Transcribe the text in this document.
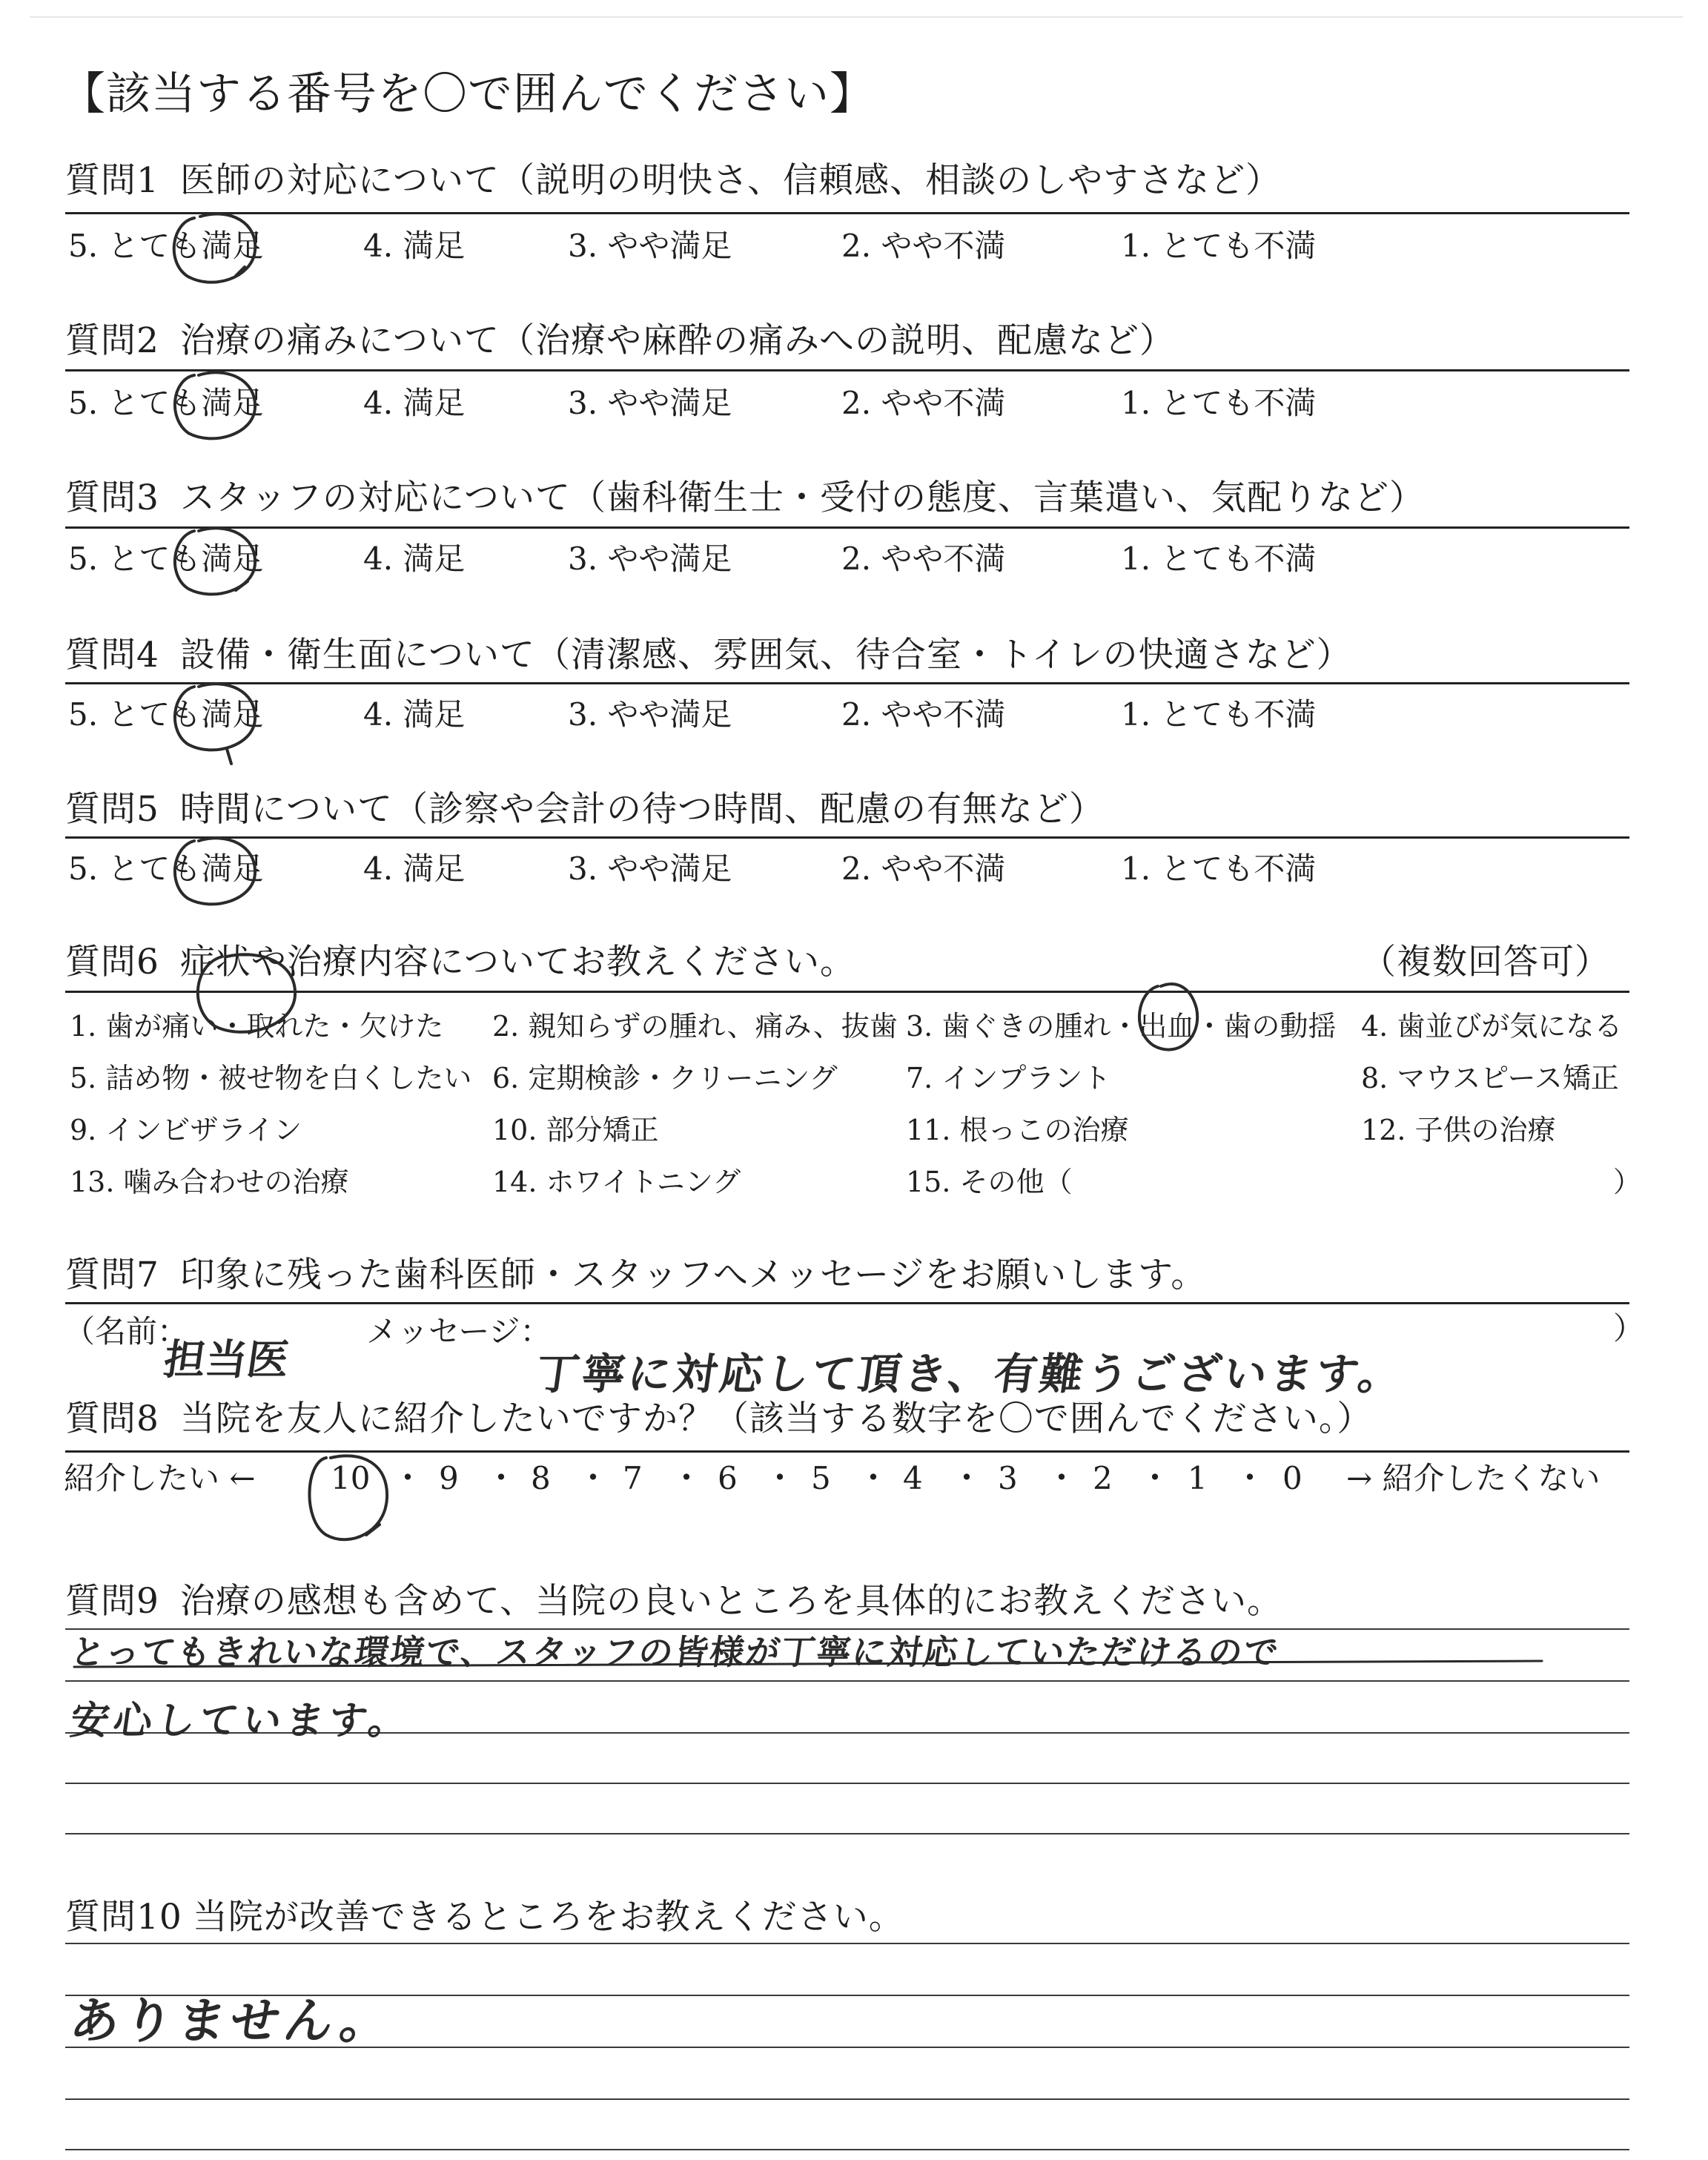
【該当する番号を〇で囲んでください】
質問1 医師の対応について（説明の明快さ、信頼感、相談のしやすさなど）
5. とても満足	4. 満足	3. やや満足	2. やや不満	1. とても不満
質問2 治療の痛みについて（治療や麻酔の痛みへの説明、配慮など）
5. とても満足	4. 満足	3. やや満足	2. やや不満	1. とても不満
質問3 スタッフの対応について（歯科衛生士・受付の態度、言葉遣い、気配りなど）
5. とても満足	4. 満足	3. やや満足	2. やや不満	1. とても不満
質問4 設備・衛生面について（清潔感、雰囲気、待合室・トイレの快適さなど）
5. とても満足	4. 満足	3. やや満足	2. やや不満	1. とても不満
質問5 時間について（診察や会計の待つ時間、配慮の有無など）
5. とても満足	4. 満足	3. やや満足	2. やや不満	1. とても不満
質問6 症状や治療内容についてお教えください。	（複数回答可）
1. 歯が痛い・取れた・欠けた 2. 親知らずの腫れ、痛み、抜歯 3. 歯ぐきの腫れ・出血・歯の動揺 4. 歯並びが気になる
5. 詰め物・被せ物を白くしたい 6. 定期検診・クリーニング 7. インプラント	8. マウスピース矯正
9. インビザライン	10. 部分矯正	11. 根っこの治療	12. 子供の治療
13. 噛み合わせの治療	14. ホワイトニング	15. その他（	）
質問7 印象に残った歯科医師・スタッフへメッセージをお願いします。
（名前：	メッセージ：	）
担当医	丁寧に対応して頂き、有難うございます。
質問8 当院を友人に紹介したいですか？（該当する数字を〇で囲んでください。）
紹介したい ←	→ 紹介したくない
10 ・ 9 ・ 8 ・ 7 ・ 6 ・ 5 ・ 4 ・ 3 ・ 2 ・ 1 ・ 0
質問9 治療の感想も含めて、当院の良いところを具体的にお教えください。
とってもきれいな環境で、スタッフの皆様が丁寧に対応していただけるので
安心しています。
質問10 当院が改善できるところをお教えください。
ありません。
